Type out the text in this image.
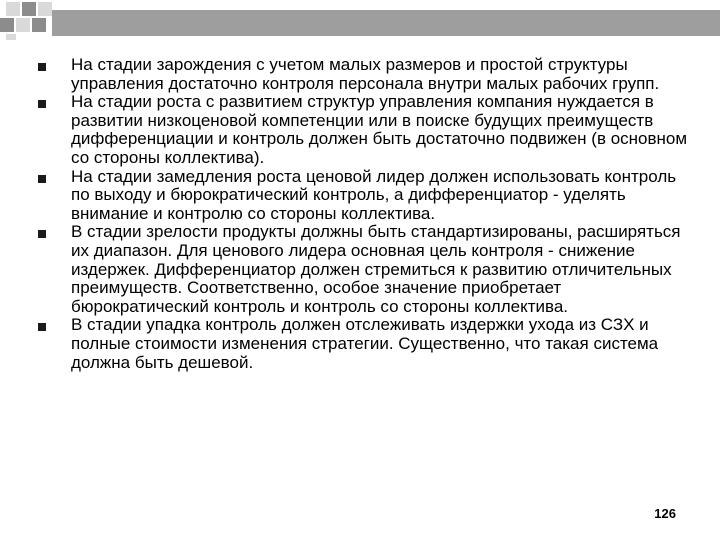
На стадии зарождения с учетом малых размеров и простой структуры управления достаточно контроля персонала внутри малых рабочих групп.
На стадии роста с развитием структур управления компания нуждается в развитии низкоценовой компетенции или в поиске будущих преимуществ дифференциации и контроль должен быть достаточно подвижен (в основном со стороны коллектива).
На стадии замедления роста ценовой лидер должен использовать контроль по выходу и бюрократический контроль, а дифференциатор - уделять внимание и контролю со стороны коллектива.
В стадии зрелости продукты должны быть стандартизированы, расширяться их диапазон. Для ценового лидера основная цель контроля - снижение издержек. Дифференциатор должен стремиться к развитию отличительных преимуществ. Соответственно, особое значение приобретает бюрократический контроль и контроль со стороны коллектива.
В стадии упадка контроль должен отслеживать издержки ухода из СЗХ и полные стоимости изменения стратегии. Существенно, что такая система должна быть дешевой.
126
